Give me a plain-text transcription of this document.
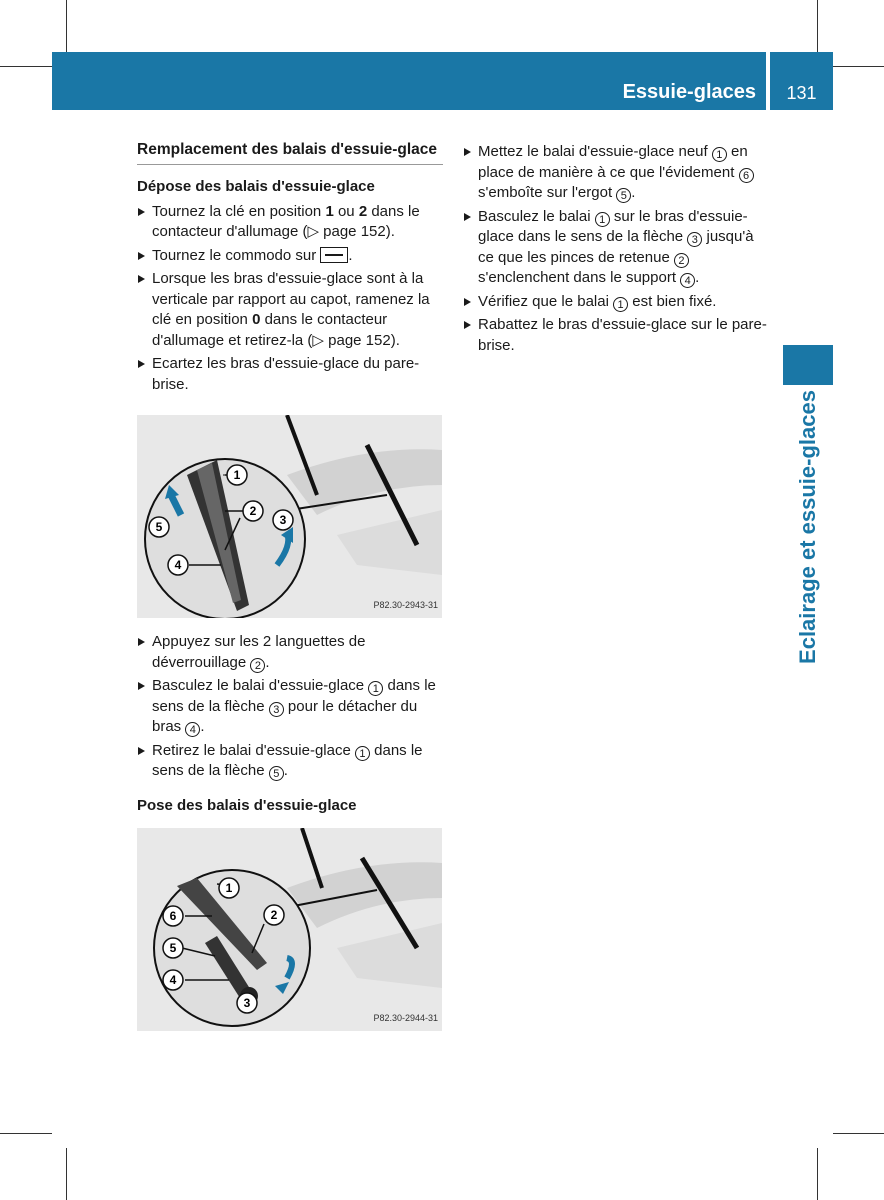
Essuie-glaces	131
Eclairage et essuie-glaces
Remplacement des balais d'essuie-glace
Dépose des balais d'essuie-glace
Tournez la clé en position 1 ou 2 dans le contacteur d'allumage (▷ page 152).
Tournez le commodo sur .
Lorsque les bras d'essuie-glace sont à la verticale par rapport au capot, ramenez la clé en position 0 dans le contacteur d'allumage et retirez-la (▷ page 152).
Ecartez les bras d'essuie-glace du pare-brise.
1
2
3
4
5
P82.30-2943-31
Appuyez sur les 2 languettes de déverrouillage 2 .
Basculez le balai d'essuie-glace 1 dans le sens de la flèche 3 pour le détacher du bras 4 .
Retirez le balai d'essuie-glace 1 dans le sens de la flèche 5 .
Pose des balais d'essuie-glace
1
2
3
4
5
6
P82.30-2944-31
Mettez le balai d'essuie-glace neuf 1 en place de manière à ce que l'évidement 6 s'emboîte sur l'ergot 5 .
Basculez le balai 1 sur le bras d'essuie-glace dans le sens de la flèche 3 jusqu'à ce que les pinces de retenue 2 s'enclenchent dans le support 4 .
Vérifiez que le balai 1 est bien fixé.
Rabattez le bras d'essuie-glace sur le pare-brise.
